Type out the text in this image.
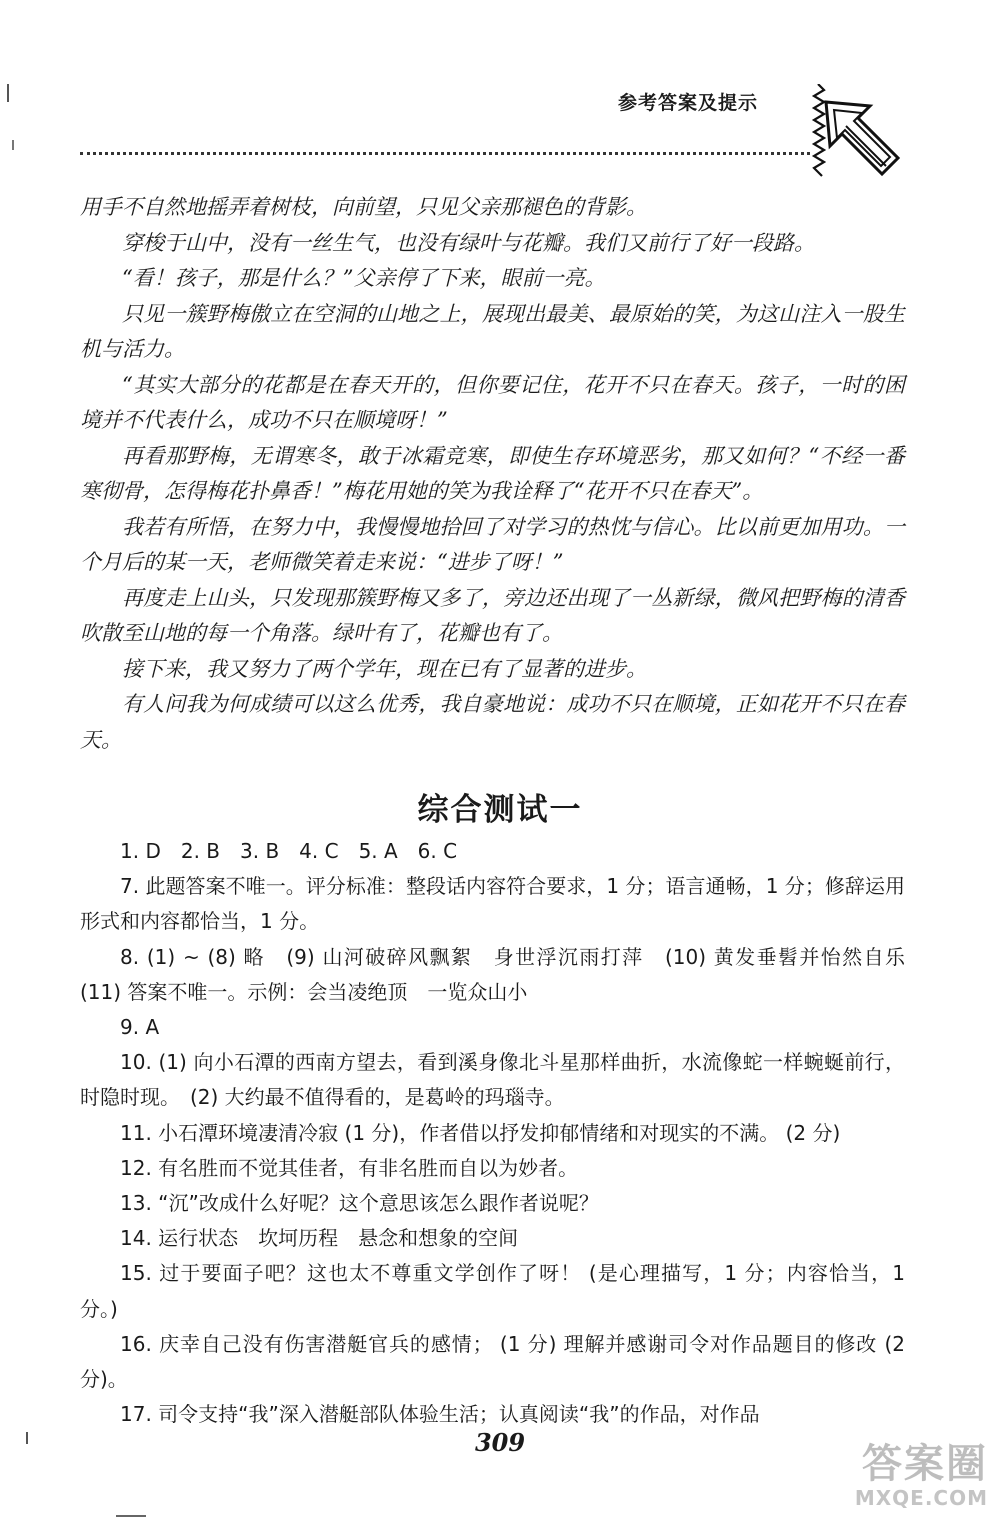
参考答案及提示

用手不自然地摇弄着树枝，向前望，只见父亲那褪色的背影。

穿梭于山中，没有一丝生气，也没有绿叶与花瓣。我们又前行了好一段路。

“看！孩子，那是什么？”父亲停了下来，眼前一亮。

只见一簇野梅傲立在空洞的山地之上，展现出最美、最原始的笑，为这山注入一股生机与活力。

“其实大部分的花都是在春天开的，但你要记住，花开不只在春天。孩子，一时的困境并不代表什么，成功不只在顺境呀！”

再看那野梅，无谓寒冬，敢于冰霜竞寒，即使生存环境恶劣，那又如何？“不经一番寒彻骨，怎得梅花扑鼻香！”梅花用她的笑为我诠释了“花开不只在春天”。

我若有所悟，在努力中，我慢慢地拾回了对学习的热忱与信心。比以前更加用功。一个月后的某一天，老师微笑着走来说：“进步了呀！”

再度走上山头，只发现那簇野梅又多了，旁边还出现了一丛新绿，微风把野梅的清香吹散至山地的每一个角落。绿叶有了，花瓣也有了。

接下来，我又努力了两个学年，现在已有了显著的进步。

有人问我为何成绩可以这么优秀，我自豪地说：成功不只在顺境，正如花开不只在春天。

综合测试一

1. D　2. B　3. B　4. C　5. A　6. C

7. 此题答案不唯一。评分标准：整段话内容符合要求，1 分；语言通畅，1 分；修辞运用形式和内容都恰当，1 分。

8. (1) ~ (8) 略　(9) 山河破碎风飘絮　身世浮沉雨打萍　(10) 黄发垂髫并怡然自乐　(11) 答案不唯一。示例：会当凌绝顶　一览众山小

9. A

10. (1) 向小石潭的西南方望去，看到溪身像北斗星那样曲折，水流像蛇一样蜿蜒前行，时隐时现。　(2) 大约最不值得看的，是葛岭的玛瑙寺。

11. 小石潭环境凄清冷寂 (1 分)，作者借以抒发抑郁情绪和对现实的不满。 (2 分)

12. 有名胜而不觉其佳者，有非名胜而自以为妙者。

13. “沉”改成什么好呢？这个意思该怎么跟作者说呢？

14. 运行状态　坎坷历程　悬念和想象的空间

15. 过于要面子吧？这也太不尊重文学创作了呀！ (是心理描写，1 分；内容恰当，1 分。)

16. 庆幸自己没有伤害潜艇官兵的感情； (1 分) 理解并感谢司令对作品题目的修改 (2 分)。

17. 司令支持“我”深入潜艇部队体验生活；认真阅读“我”的作品，对作品

309	答案圈
MXQE.COM
